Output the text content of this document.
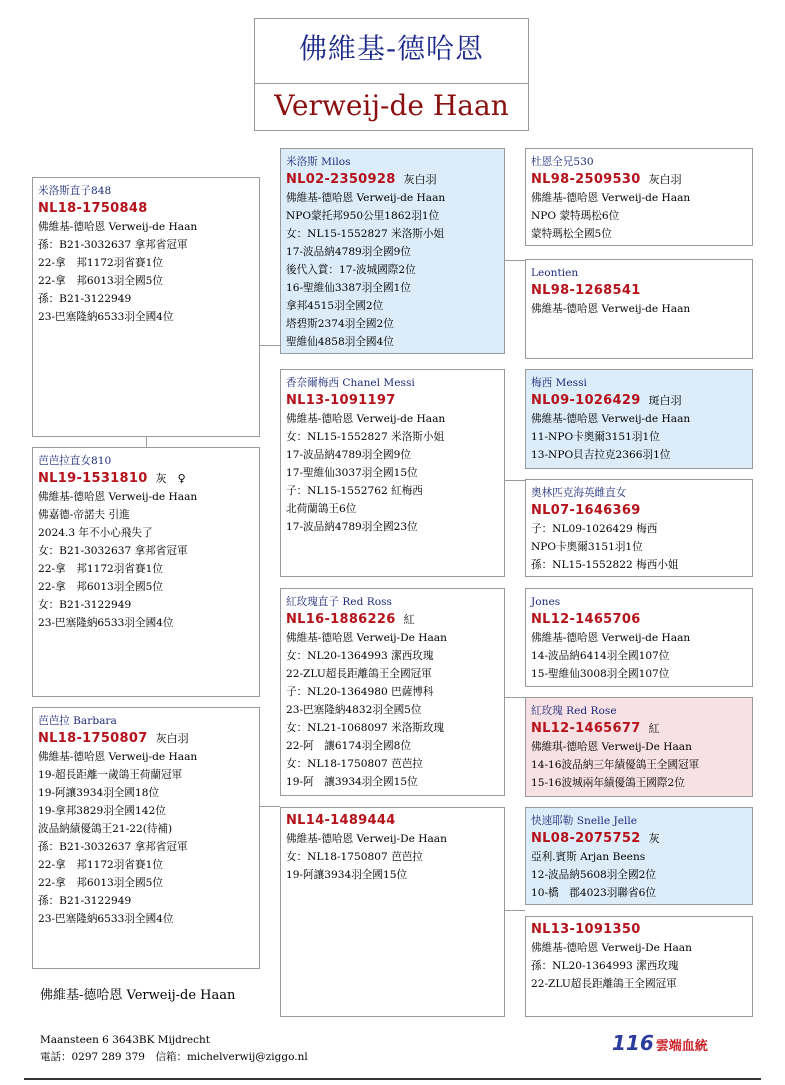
佛維基-德哈恩
Verweij-de Haan
米洛斯直子848
NL18-1750848
佛維基-德哈恩 Verweij-de Haan
孫：B21-3032637 拿邦省冠軍
22-拿　邦1172羽省賽1位
22-拿　邦6013羽全國5位
孫：B21-3122949
23-巴塞隆納6533羽全國4位
芭芭拉直女810
NL19-1531810 灰　♀
佛維基-德哈恩 Verweij-de Haan
佛嘉德-帝諾夫 引進
2024.3 年不小心飛失了
女：B21-3032637 拿邦省冠軍
22-拿　邦1172羽省賽1位
22-拿　邦6013羽全國5位
女：B21-3122949
23-巴塞隆納6533羽全國4位
芭芭拉 Barbara
NL18-1750807 灰白羽
佛維基-德哈恩 Verweij-de Haan
19-超長距離一歲鴿王荷蘭冠軍
19-阿讓3934羽全國18位
19-拿邦3829羽全國142位
波品納績優鴿王21-22(待補)
孫：B21-3032637 拿邦省冠軍
22-拿　邦1172羽省賽1位
22-拿　邦6013羽全國5位
孫：B21-3122949
23-巴塞隆納6533羽全國4位
米洛斯 Milos
NL02-2350928 灰白羽
佛維基-德哈恩 Verweij-de Haan
NPO蒙托邦950公里1862羽1位
女：NL15-1552827 米洛斯小姐
17-波品納4789羽全國9位
後代入賞：17-波城國際2位
16-聖維仙3387羽全國1位
拿邦4515羽全國2位
塔碧斯2374羽全國2位
聖維仙4858羽全國4位
香奈爾梅西 Chanel Messi
NL13-1091197
佛維基-德哈恩 Verweij-de Haan
女：NL15-1552827 米洛斯小姐
17-波品納4789羽全國9位
17-聖維仙3037羽全國15位
子：NL15-1552762 紅梅西
北荷蘭鴿王6位
17-波品納4789羽全國23位
紅玫瑰直子 Red Ross
NL16-1886226 紅
佛維基-德哈恩 Verweij-De Haan
女：NL20-1364993 潔西玫瑰
22-ZLU超長距離鴿王全國冠軍
子：NL20-1364980 巴薩博科
23-巴塞隆納4832羽全國5位
女：NL21-1068097 米洛斯玫瑰
22-阿　讓6174羽全國8位
女：NL18-1750807 芭芭拉
19-阿　讓3934羽全國15位
NL14-1489444
佛維基-德哈恩 Verweij-De Haan
女：NL18-1750807 芭芭拉
19-阿讓3934羽全國15位
杜恩全兄530
NL98-2509530 灰白羽
佛維基-德哈恩 Verweij-de Haan
NPO 蒙特瑪松6位
蒙特瑪松全國5位
Leontien
NL98-1268541
佛維基-德哈恩 Verweij-de Haan
梅西 Messi
NL09-1026429 斑白羽
佛維基-德哈恩 Verweij-de Haan
11-NPO卡奧爾3151羽1位
13-NPO貝吉拉克2366羽1位
奧林匹克海英雌直女
NL07-1646369
子：NL09-1026429 梅西
NPO卡奧爾3151羽1位
孫：NL15-1552822 梅西小姐
Jones
NL12-1465706
佛維基-德哈恩 Verweij-de Haan
14-波品納6414羽全國107位
15-聖維仙3008羽全國107位
紅玫瑰 Red Rose
NL12-1465677 紅
佛維琪-德哈恩 Verweij-De Haan
14-16波品納三年績優鴿王全國冠軍
15-16波城兩年績優鴿王國際2位
快速耶勒 Snelle Jelle
NL08-2075752 灰
亞利.賓斯 Arjan Beens
12-波品納5608羽全國2位
10-橋　郡4023羽聯省6位
NL13-1091350
佛維基-德哈恩 Verweij-De Haan
孫：NL20-1364993 潔西玫瑰
22-ZLU超長距離鴿王全國冠軍
佛維基-德哈恩 Verweij-de Haan
Maansteen 6 3643BK Mijdrecht
電話：0297 289 379　信箱：michelverwij@ziggo.nl
116 雲端血統
